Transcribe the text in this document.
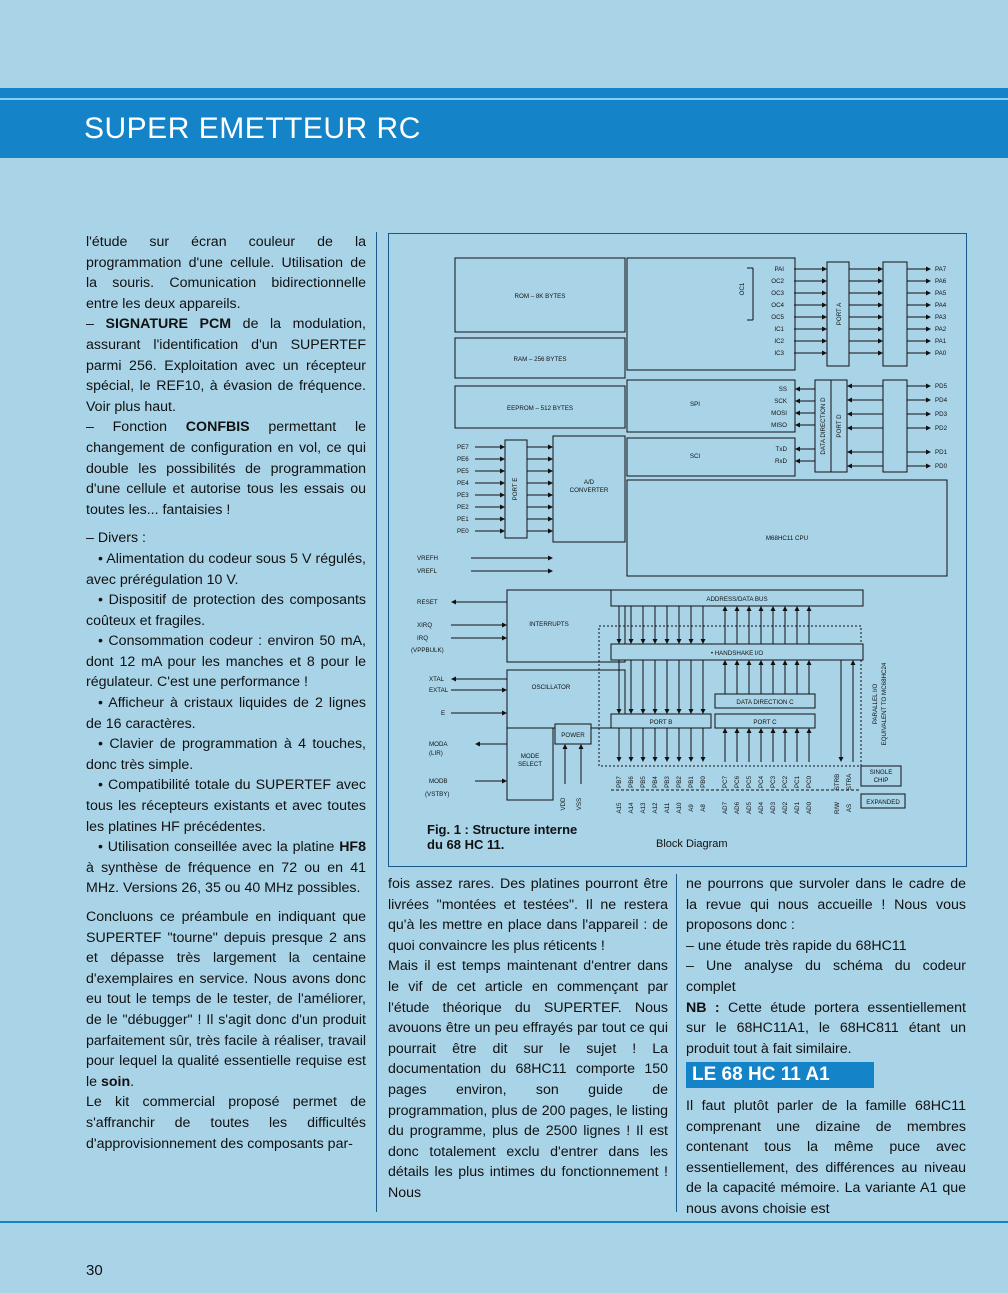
SUPER EMETTEUR RC

l'étude sur écran couleur de la programmation d'une cellule. Utilisation de la souris. Comunication bidirectionnelle entre les deux appareils.

– SIGNATURE PCM de la modulation, assurant l'identification d'un SUPERTEF parmi 256. Exploitation avec un récepteur spécial, le REF10, à évasion de fréquence. Voir plus haut.

– Fonction CONFBIS permettant le changement de configuration en vol, ce qui double les possibilités de programmation d'une cellule et autorise tous les essais ou toutes les... fantaisies !

– Divers :

• Alimentation du codeur sous 5 V régulés, avec prérégulation 10 V.

• Dispositif de protection des composants coûteux et fragiles.

• Consommation codeur : environ 50 mA, dont 12 mA pour les manches et 8 pour le régulateur. C'est une performance !

• Afficheur à cristaux liquides de 2 lignes de 16 caractères.

• Clavier de programmation à 4 touches, donc très simple.

• Compatibilité totale du SUPERTEF avec tous les récepteurs existants et avec toutes les platines HF précédentes.

• Utilisation conseillée avec la platine HF8 à synthèse de fréquence en 72 ou en 41 MHz. Versions 26, 35 ou 40 MHz possibles.

Concluons ce préambule en indiquant que SUPERTEF "tourne" depuis presque 2 ans et dépasse très largement la centaine d'exemplaires en service. Nous avons donc eu tout le temps de le tester, de l'améliorer, de le "débugger" ! Il s'agit donc d'un produit parfaitement sûr, très facile à réaliser, travail pour lequel la qualité essentielle requise est le soin.

Le kit commercial proposé permet de s'affranchir de toutes les difficultés d'approvisionnement des composants par-

ROM – 8K BYTES
RAM – 256 BYTES
EEPROM – 512 BYTES
OC1
PAI
OC2
OC3
OC4
OC5
IC1
IC2
IC3
PORT A
PA7
PA6
PA5
PA4
PA3
PA2
PA1
PA0
SPI
SS
SCK
MOSI
MISO
SCI
TxD
RxD
DATA DIRECTION D PORT D
PD5
PD4
PD3
PD2
PD1
PD0
M68HC11 CPU
PORT E	A/D
CONVERTER
PE7
PE6
PE5
PE4
PE3
PE2
PE1
PE0
VREFH
VREFL
INTERRUPTS
RESET
XIRQ
IRQ
(VPPBULK)
OSCILLATOR
XTAL
EXTAL
E
MODE
SELECT
POWER
MODA
(LIR)
MODB
(VSTBY)
VDD VSS
ADDRESS/DATA BUS
• HANDSHAKE I/O
DATA DIRECTION C
PORT B	PORT C	PARALLEL I/O EQUIVALENT TO MC68HC24
PB7
A15
PB6
A14
PB5
A13
PB4
A12
PB3
A11
PB2
A10
PB1
A9
PB0
A8
PC7
AD7
PC6
AD6
PC5
AD5
PC4
AD4
PC3
AD3
PC2
AD2
PC1
AD1
PC0
AD0
STRB STRA
R/W AS
SINGLE
CHIP
EXPANDED
Fig. 1 : Structure interne
du 68 HC 11.	Block Diagram

fois assez rares. Des platines pourront être livrées "montées et testées". Il ne restera qu'à les mettre en place dans l'appareil : de quoi convaincre les plus réticents !

Mais il est temps maintenant d'entrer dans le vif de cet article en commençant par l'étude théorique du SUPERTEF. Nous avouons être un peu effrayés par tout ce qui pourrait être dit sur le sujet ! La documentation du 68HC11 comporte 150 pages environ, son guide de programmation, plus de 200 pages, le listing du programme, plus de 2500 lignes ! Il est donc totalement exclu d'entrer dans les détails les plus intimes du fonctionnement ! Nous

ne pourrons que survoler dans le cadre de la revue qui nous accueille ! Nous vous proposons donc :

– une étude très rapide du 68HC11

– Une analyse du schéma du codeur complet

NB : Cette étude portera essentiellement sur le 68HC11A1, le 68HC811 étant un produit tout à fait similaire.

LE 68 HC 11 A1

Il faut plutôt parler de la famille 68HC11 comprenant une dizaine de membres contenant tous la même puce avec essentiellement, des différences au niveau de la capacité mémoire. La variante A1 que nous avons choisie est

30
